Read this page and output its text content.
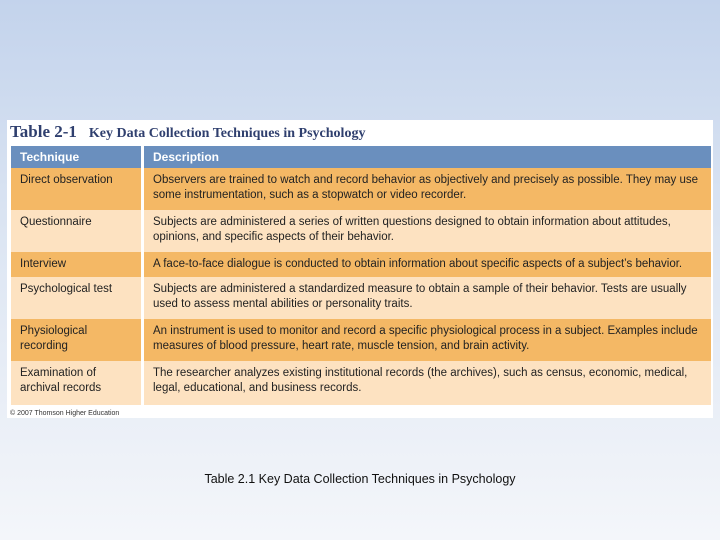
Table 2-1 Key Data Collection Techniques in Psychology
Technique	Description
Direct observation	Observers are trained to watch and record behavior as objectively and precisely as possible. They may use some instrumentation, such as a stopwatch or video recorder.
Questionnaire	Subjects are administered a series of written questions designed to obtain information about attitudes, opinions, and specific aspects of their behavior.
Interview	A face-to-face dialogue is conducted to obtain information about specific aspects of a subject’s behavior.
Psychological test	Subjects are administered a standardized measure to obtain a sample of their behavior. Tests are usually used to assess mental abilities or personality traits.
Physiological recording	An instrument is used to monitor and record a specific physiological process in a subject. Examples include measures of blood pressure, heart rate, muscle tension, and brain activity.
Examination of archival records	The researcher analyzes existing institutional records (the archives), such as census, economic, medical, legal, educational, and business records.
© 2007 Thomson Higher Education
Table 2.1 Key Data Collection Techniques in Psychology
